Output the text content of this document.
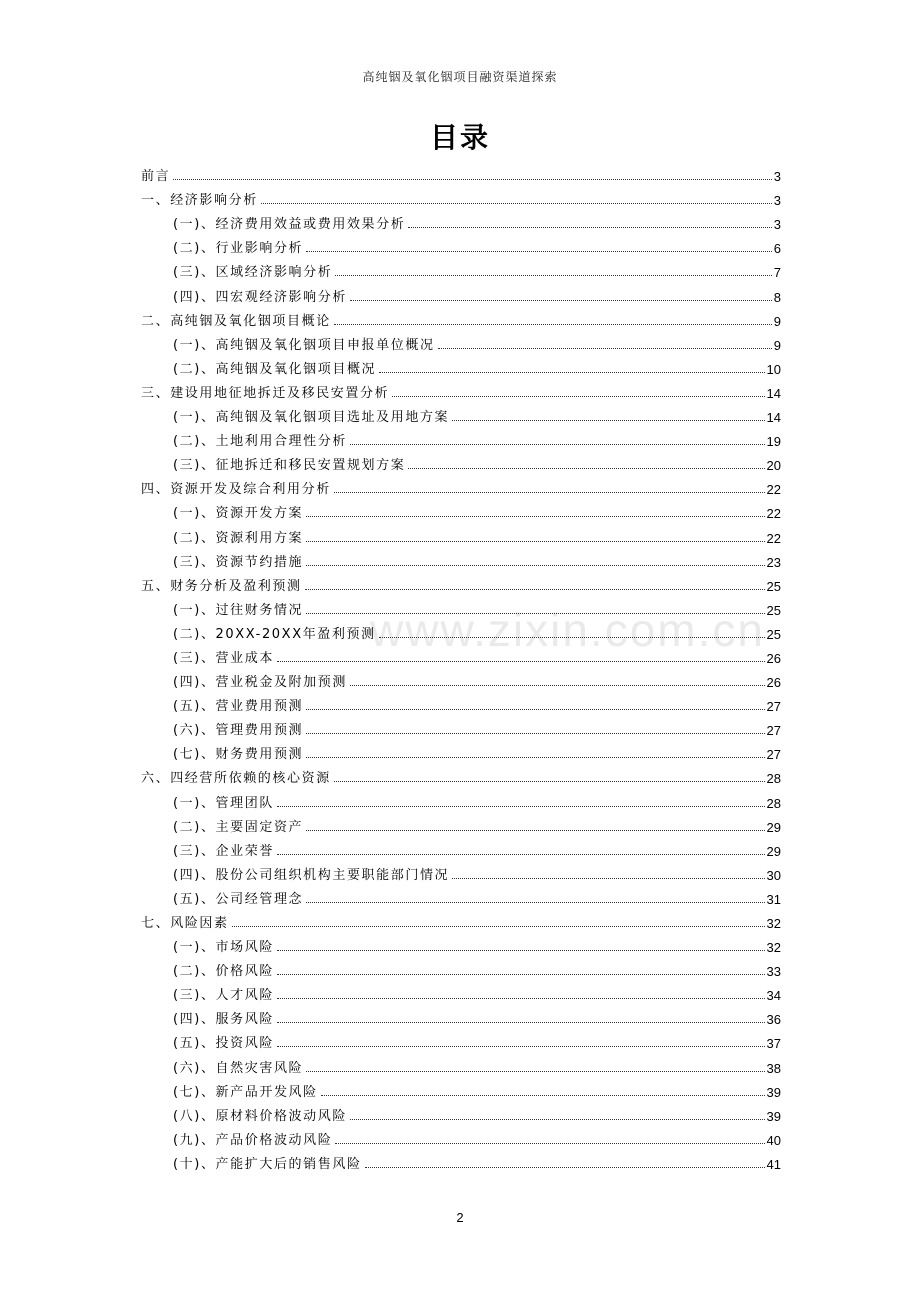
高纯铟及氧化铟项目融资渠道探索
目录
www.zixin.com.cn
前言	3
一、经济影响分析	3
(一)、经济费用效益或费用效果分析	3
(二)、行业影响分析	6
(三)、区域经济影响分析	7
(四)、四宏观经济影响分析	8
二、高纯铟及氧化铟项目概论	9
(一)、高纯铟及氧化铟项目申报单位概况	9
(二)、高纯铟及氧化铟项目概况	10
三、建设用地征地拆迁及移民安置分析	14
(一)、高纯铟及氧化铟项目选址及用地方案	14
(二)、土地利用合理性分析	19
(三)、征地拆迁和移民安置规划方案	20
四、资源开发及综合利用分析	22
(一)、资源开发方案	22
(二)、资源利用方案	22
(三)、资源节约措施	23
五、财务分析及盈利预测	25
(一)、过往财务情况	25
(二)、20XX-20XX年盈利预测	25
(三)、营业成本	26
(四)、营业税金及附加预测	26
(五)、营业费用预测	27
(六)、管理费用预测	27
(七)、财务费用预测	27
六、四经营所依赖的核心资源	28
(一)、管理团队	28
(二)、主要固定资产	29
(三)、企业荣誉	29
(四)、股份公司组织机构主要职能部门情况	30
(五)、公司经管理念	31
七、风险因素	32
(一)、市场风险	32
(二)、价格风险	33
(三)、人才风险	34
(四)、服务风险	36
(五)、投资风险	37
(六)、自然灾害风险	38
(七)、新产品开发风险	39
(八)、原材料价格波动风险	39
(九)、产品价格波动风险	40
(十)、产能扩大后的销售风险	41
2
